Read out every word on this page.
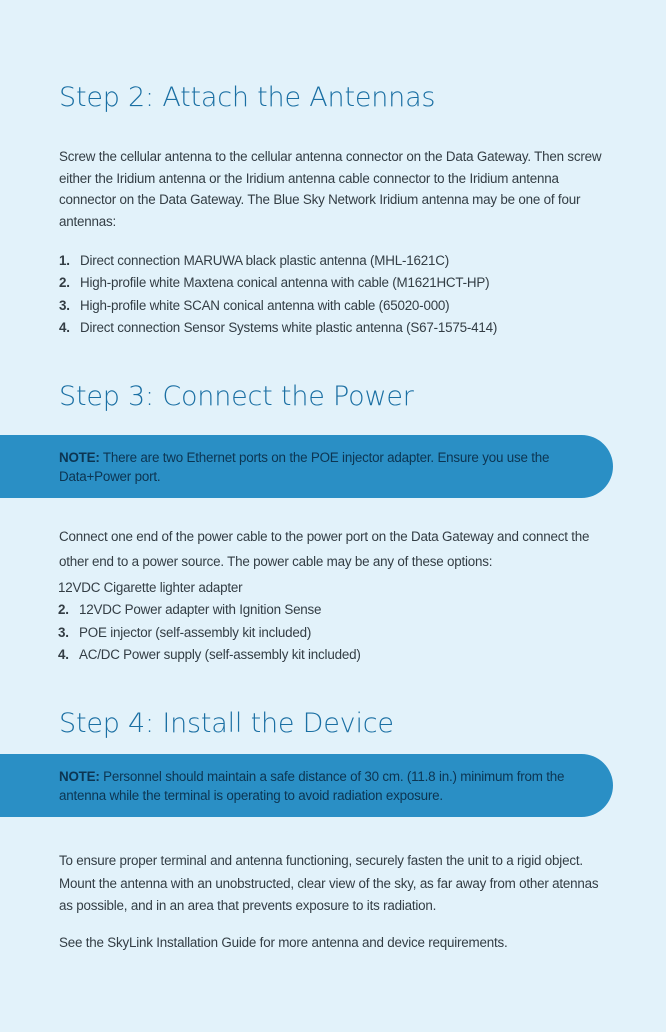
Step 2: Attach the Antennas

Screw the cellular antenna to the cellular antenna connector on the Data Gateway. Then screw either the Iridium antenna or the Iridium antenna cable connector to the Iridium antenna connector on the Data Gateway. The Blue Sky Network Iridium antenna may be one of four antennas:

1. Direct connection MARUWA black plastic antenna (MHL-1621C)
2. High-profile white Maxtena conical antenna with cable (M1621HCT-HP)
3. High-profile white SCAN conical antenna with cable (65020-000)
4. Direct connection Sensor Systems white plastic antenna (S67-1575-414)
Step 3: Connect the Power

NOTE: There are two Ethernet ports on the POE injector adapter. Ensure you use the Data+Power port.

Connect one end of the power cable to the power port on the Data Gateway and connect the other end to a power source. The power cable may be any of these options:

12VDC Cigarette lighter adapter
2. 12VDC Power adapter with Ignition Sense
3. POE injector (self-assembly kit included)
4. AC/DC Power supply (self-assembly kit included)
Step 4: Install the Device

NOTE: Personnel should maintain a safe distance of 30 cm. (11.8 in.) minimum from the antenna while the terminal is operating to avoid radiation exposure.

To ensure proper terminal and antenna functioning, securely fasten the unit to a rigid object. Mount the antenna with an unobstructed, clear view of the sky, as far away from other atennas as possible, and in an area that prevents exposure to its radiation.

See the SkyLink Installation Guide for more antenna and device requirements.
